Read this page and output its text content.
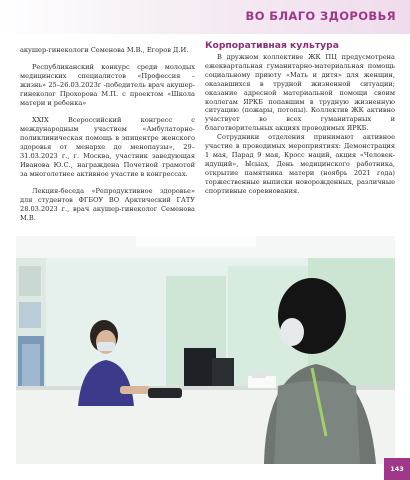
ВО БЛАГО ЗДОРОВЬЯ

акушер-гинекологи Семенова М.В., Егоров Д.И.

Республиканский конкурс среди молодых медицинских специалистов «Профессия – жизнь» 25–26.03.2023г -победитель врач акушер-гинеколог Прохорова М.П. с проектом «Школа матери и ребенка»

XXIX Всероссийский конгресс с международным участием «Амбулаторно-поликлиническая помощь в эпицентре женского здоровья от менархе до менопаузы», 29–31.03.2023 г., г. Москва, участник заведующая Иванова Ю.С., награждена Почетной грамотой за многолетнее активное участие в конгрессах.

Лекция-беседа «Репродуктивное здоровье» для студентов ФГБОУ ВО Арктический ГАТУ 28.03.2023 г., врач акушер-гинеколог Семенова М.В.

Корпоративная культура

В дружном коллективе ЖК ПЦ предусмотрена ежеквартальная гуманитарно-материальная помощь социальному приюту «Мать и дитя» для женщин, оказавшихся в трудной жизненной ситуации; оказание адресной материальной помощи своим коллегам ЯРКБ попавшим в трудную жизненную ситуацию (пожары, потопы). Коллектив ЖК активно участвует во всех гуманитарных и благотворительных акциях проводимых ЯРКБ.

Сотрудники отделения принимают активное участие в проводимых мероприятиях: Демонстрация 1 мая, Парад 9 мая, Кросс наций, акция «Человек-идущий», Ысыах, День медицинского работника, открытие памятника матери (ноябрь 2021 года) торжественные выписки новорожденных, различные спортивные соревнования.

143
